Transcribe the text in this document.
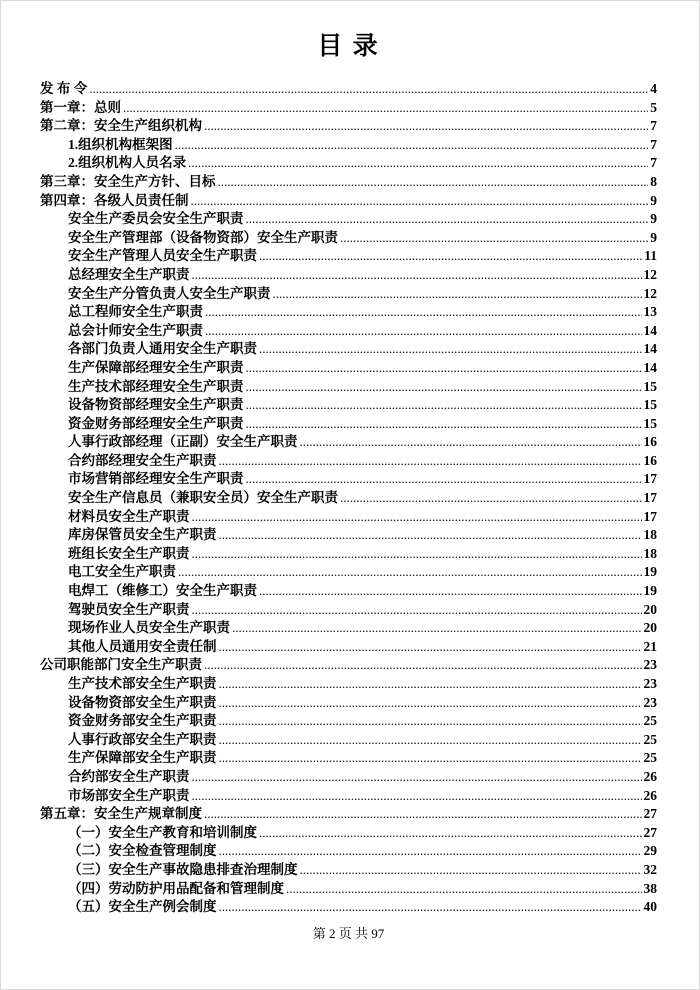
目 录
发 布 令 .....	4
第一章：总则 .....	5
第二章：安全生产组织机构 .....	7
1.组织机构框架图 .....	7
2.组织机构人员名录 .....	7
第三章：安全生产方针、目标 .....	8
第四章：各级人员责任制 .....	9
安全生产委员会安全生产职责 .....	9
安全生产管理部（设备物资部）安全生产职责 .....	9
安全生产管理人员安全生产职责 .....	11
总经理安全生产职责 .....	12
安全生产分管负责人安全生产职责 .....	12
总工程师安全生产职责 .....	13
总会计师安全生产职责 .....	14
各部门负责人通用安全生产职责 .....	14
生产保障部经理安全生产职责 .....	14
生产技术部经理安全生产职责 .....	15
设备物资部经理安全生产职责 .....	15
资金财务部经理安全生产职责 .....	15
人事行政部经理（正副）安全生产职责 .....	16
合约部经理安全生产职责 .....	16
市场营销部经理安全生产职责 .....	17
安全生产信息员（兼职安全员）安全生产职责 .....	17
材料员安全生产职责 .....	17
库房保管员安全生产职责 .....	18
班组长安全生产职责 .....	18
电工安全生产职责 .....	19
电焊工（维修工）安全生产职责 .....	19
驾驶员安全生产职责 .....	20
现场作业人员安全生产职责 .....	20
其他人员通用安全责任制 .....	21
公司职能部门安全生产职责 .....	23
生产技术部安全生产职责 .....	23
设备物资部安全生产职责 .....	23
资金财务部安全生产职责 .....	25
人事行政部安全生产职责 .....	25
生产保障部安全生产职责 .....	25
合约部安全生产职责 .....	26
市场部安全生产职责 .....	26
第五章：安全生产规章制度 .....	27
（一）安全生产教育和培训制度 .....	27
（二）安全检查管理制度 .....	29
（三）安全生产事故隐患排查治理制度 .....	32
（四）劳动防护用品配备和管理制度 .....	38
（五）安全生产例会制度 .....	40
第 2 页 共 97
